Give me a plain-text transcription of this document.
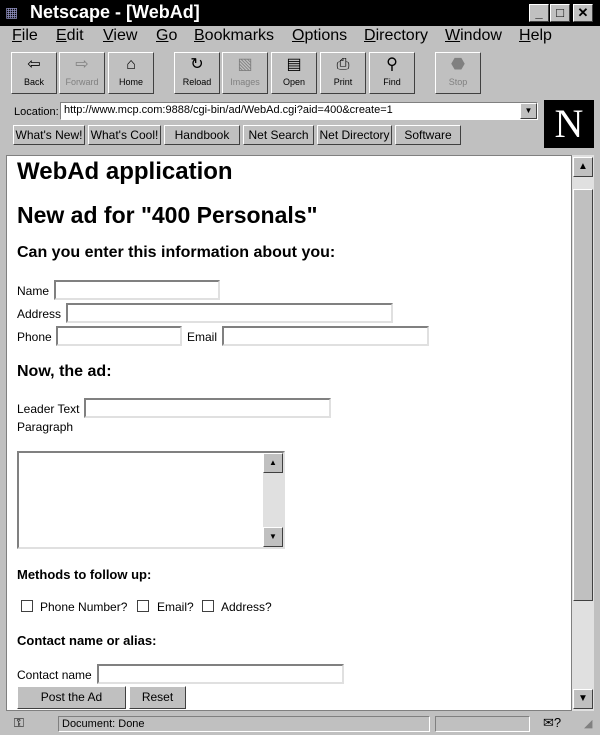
▦ Netscape - [WebAd]	_	□	✕
File Edit View Go Bookmarks Options Directory Window Help
⇦
Back
⇨
Forward
⌂
Home
↻
Reload
▧
Images
▤
Open
⎙
Print
⚲
Find
⬣
Stop
Location: http://www.mcp.com:9888/cgi-bin/ad/WebAd.cgi?aid=400&create=1	▼
What's New! What's Cool!	Handbook	Net Search Net Directory	Software	N
WebAd application
New ad for "400 Personals"
Can you enter this information about you:
Name
Address
Phone	Email
Now, the ad:
Leader Text
Paragraph
▲
▼
Methods to follow up:
Phone Number? Email? Address?
Contact name or alias:
Contact name
Post the Ad	Reset
▲
▼
⚿	Document: Done	✉? ◢
